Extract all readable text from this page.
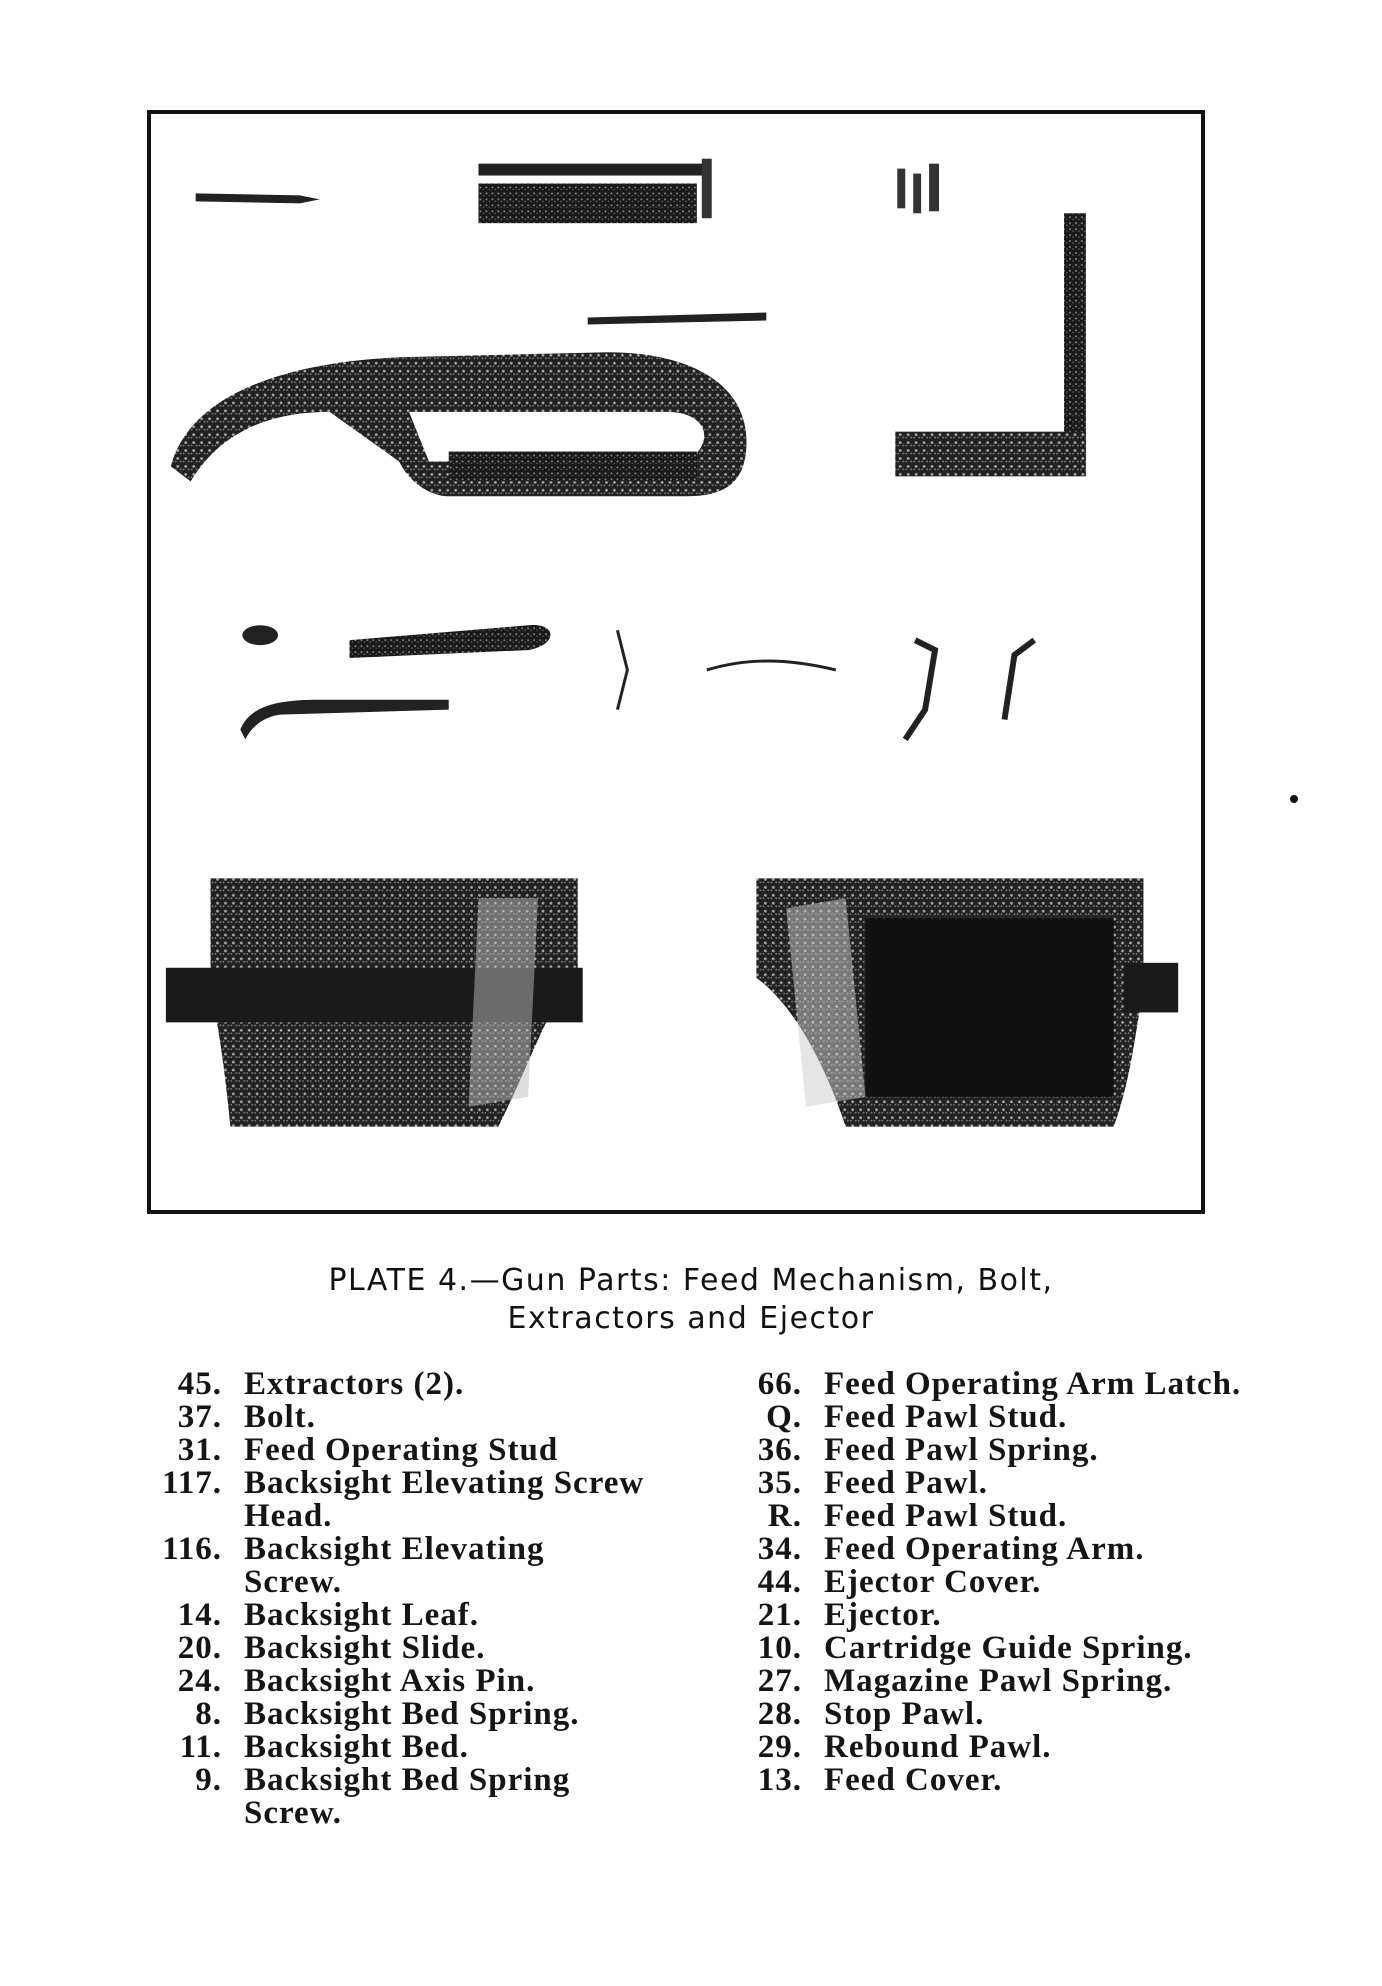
PLATE 4.—Gun Parts: Feed Mechanism, Bolt,
Extractors and Ejector
45. Extractors (2).
37. Bolt.
31. Feed Operating Stud
117. Backsight Elevating Screw Head.
116. Backsight Elevating Screw.
14. Backsight Leaf.
20. Backsight Slide.
24. Backsight Axis Pin.
8. Backsight Bed Spring.
11. Backsight Bed.
9. Backsight Bed Spring Screw.
66. Feed Operating Arm Latch.
Q. Feed Pawl Stud.
36. Feed Pawl Spring.
35. Feed Pawl.
R. Feed Pawl Stud.
34. Feed Operating Arm.
44. Ejector Cover.
21. Ejector.
10. Cartridge Guide Spring.
27. Magazine Pawl Spring.
28. Stop Pawl.
29. Rebound Pawl.
13. Feed Cover.
